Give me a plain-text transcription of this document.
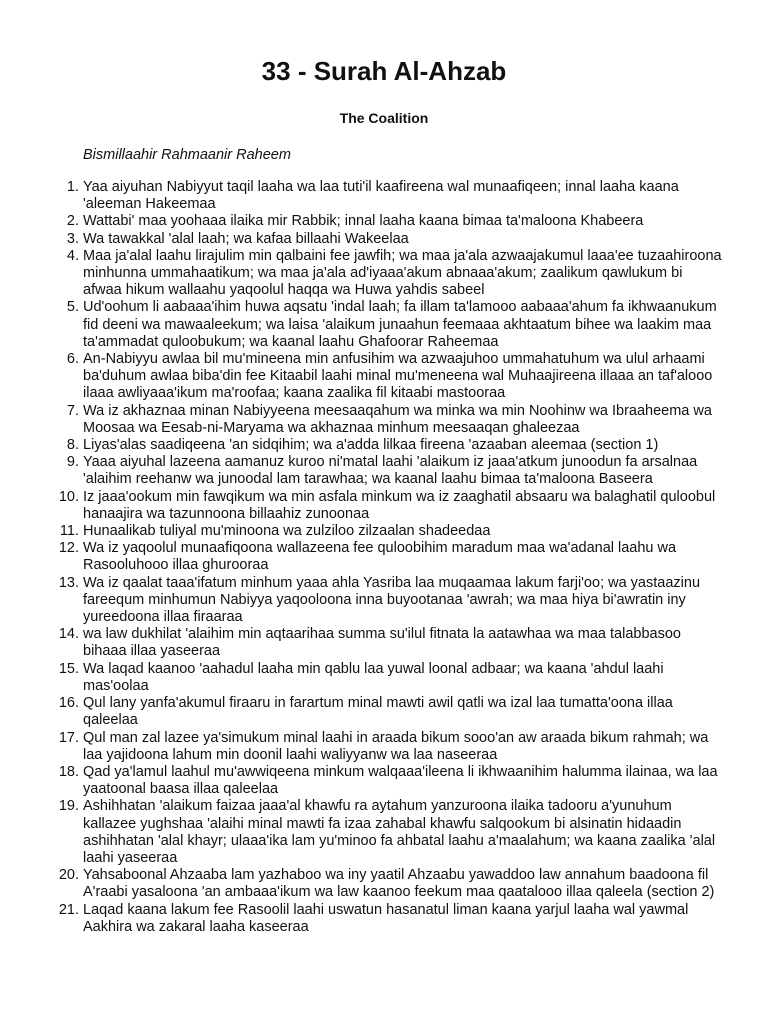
33 - Surah Al-Ahzab
The Coalition
Bismillaahir Rahmaanir Raheem
1. Yaa aiyuhan Nabiyyut taqil laaha wa laa tuti'il kaafireena wal munaafiqeen; innal laaha kaana 'aleeman Hakeemaa
2. Wattabi' maa yoohaaa ilaika mir Rabbik; innal laaha kaana bimaa ta'maloona Khabeera
3. Wa tawakkal 'alal laah; wa kafaa billaahi Wakeelaa
4. Maa ja'alal laahu lirajulim min qalbaini fee jawfih; wa maa ja'ala azwaajakumul laaa'ee tuzaahiroona minhunna ummahaatikum; wa maa ja'ala ad'iyaaa'akum abnaaa'akum; zaalikum qawlukum bi afwaa hikum wallaahu yaqoolul haqqa wa Huwa yahdis sabeel
5. Ud'oohum li aabaaa'ihim huwa aqsatu 'indal laah; fa illam ta'lamooo aabaaa'ahum fa ikhwaanukum fid deeni wa mawaaleekum; wa laisa 'alaikum junaahun feemaaa akhtaatum bihee wa laakim maa ta'ammadat quloobukum; wa kaanal laahu Ghafoorar Raheemaa
6. An-Nabiyyu awlaa bil mu'mineena min anfusihim wa azwaajuhoo ummahatuhum wa ulul arhaami ba'duhum awlaa biba'din fee Kitaabil laahi minal mu'meneena wal Muhaajireena illaaa an taf'alooo ilaaa awliyaaa'ikum ma'roofaa; kaana zaalika fil kitaabi mastooraa
7. Wa iz akhaznaa minan Nabiyyeena meesaaqahum wa minka wa min Noohinw wa Ibraaheema wa Moosaa wa Eesab-ni-Maryama wa akhaznaa minhum meesaaqan ghaleezaa
8. Liyas'alas saadiqeena 'an sidqihim; wa a'adda lilkaa fireena 'azaaban aleemaa (section 1)
9. Yaaa aiyuhal lazeena aamanuz kuroo ni'matal laahi 'alaikum iz jaaa'atkum junoodun fa arsalnaa 'alaihim reehanw wa junoodal lam tarawhaa; wa kaanal laahu bimaa ta'maloona Baseera
10. Iz jaaa'ookum min fawqikum wa min asfala minkum wa iz zaaghatil absaaru wa balaghatil quloobul hanaajira wa tazunnoona billaahiz zunoonaa
11. Hunaalikab tuliyal mu'minoona wa zulziloo zilzaalan shadeedaa
12. Wa iz yaqoolul munaafiqoona wallazeena fee quloobihim maradum maa wa'adanal laahu wa Rasooluhooo illaa ghurooraa
13. Wa iz qaalat taaa'ifatum minhum yaaa ahla Yasriba laa muqaamaa lakum farji'oo; wa yastaazinu fareequm minhumun Nabiyya yaqooloona inna buyootanaa 'awrah; wa maa hiya bi'awratin iny yureedoona illaa firaaraa
14. wa law dukhilat 'alaihim min aqtaarihaa summa su'ilul fitnata la aatawhaa wa maa talabbasoo bihaaa illaa yaseeraa
15. Wa laqad kaanoo 'aahadul laaha min qablu laa yuwal loonal adbaar; wa kaana 'ahdul laahi mas'oolaa
16. Qul lany yanfa'akumul firaaru in farartum minal mawti awil qatli wa izal laa tumatta'oona illaa qaleelaa
17. Qul man zal lazee ya'simukum minal laahi in araada bikum sooo'an aw araada bikum rahmah; wa laa yajidoona lahum min doonil laahi waliyyanw wa laa naseeraa
18. Qad ya'lamul laahul mu'awwiqeena minkum walqaaa'ileena li ikhwaanihim halumma ilainaa, wa laa yaatoonal baasa illaa qaleelaa
19. Ashihhatan 'alaikum faizaa jaaa'al khawfu ra aytahum yanzuroona ilaika tadooru a'yunuhum kallazee yughshaa 'alaihi minal mawti fa izaa zahabal khawfu salqookum bi alsinatin hidaadin ashihhatan 'alal khayr; ulaaa'ika lam yu'minoo fa ahbatal laahu a'maalahum; wa kaana zaalika 'alal laahi yaseeraa
20. Yahsaboonal Ahzaaba lam yazhaboo wa iny yaatil Ahzaabu yawaddoo law annahum baadoona fil A'raabi yasaloona 'an ambaaa'ikum wa law kaanoo feekum maa qaatalooo illaa qaleela (section 2)
21. Laqad kaana lakum fee Rasoolil laahi uswatun hasanatul liman kaana yarjul laaha wal yawmal Aakhira wa zakaral laaha kaseeraa
